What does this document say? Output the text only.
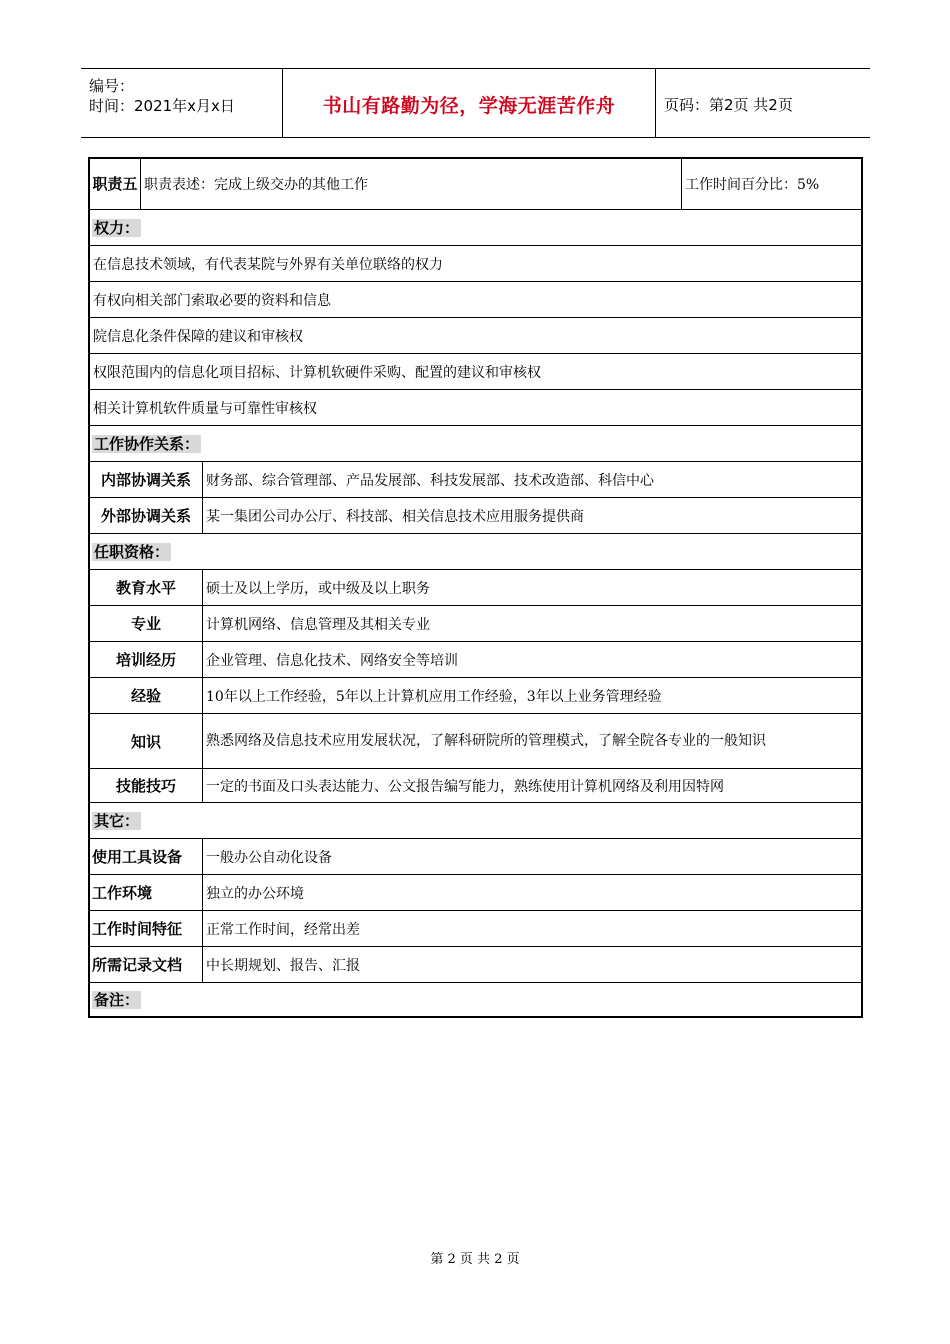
编号：
时间：2021年x月x日	书山有路勤为径，学海无涯苦作舟	页码：第2页 共2页
职责五 职责表述：完成上级交办的其他工作	工作时间百分比：5%
权力：
在信息技术领域，有代表某院与外界有关单位联络的权力
有权向相关部门索取必要的资料和信息
院信息化条件保障的建议和审核权
权限范围内的信息化项目招标、计算机软硬件采购、配置的建议和审核权
相关计算机软件质量与可靠性审核权
工作协作关系：
内部协调关系	财务部、综合管理部、产品发展部、科技发展部、技术改造部、科信中心
外部协调关系	某一集团公司办公厅、科技部、相关信息技术应用服务提供商
任职资格：
教育水平	硕士及以上学历，或中级及以上职务
专业	计算机网络、信息管理及其相关专业
培训经历	企业管理、信息化技术、网络安全等培训
经验	10年以上工作经验，5年以上计算机应用工作经验，3年以上业务管理经验
知识	熟悉网络及信息技术应用发展状况，了解科研院所的管理模式，了解全院各专业的一般知识
技能技巧	一定的书面及口头表达能力、公文报告编写能力，熟练使用计算机网络及利用因特网
其它：
使用工具设备	一般办公自动化设备
工作环境	独立的办公环境
工作时间特征	正常工作时间，经常出差
所需记录文档	中长期规划、报告、汇报
备注：
第 2 页 共 2 页
